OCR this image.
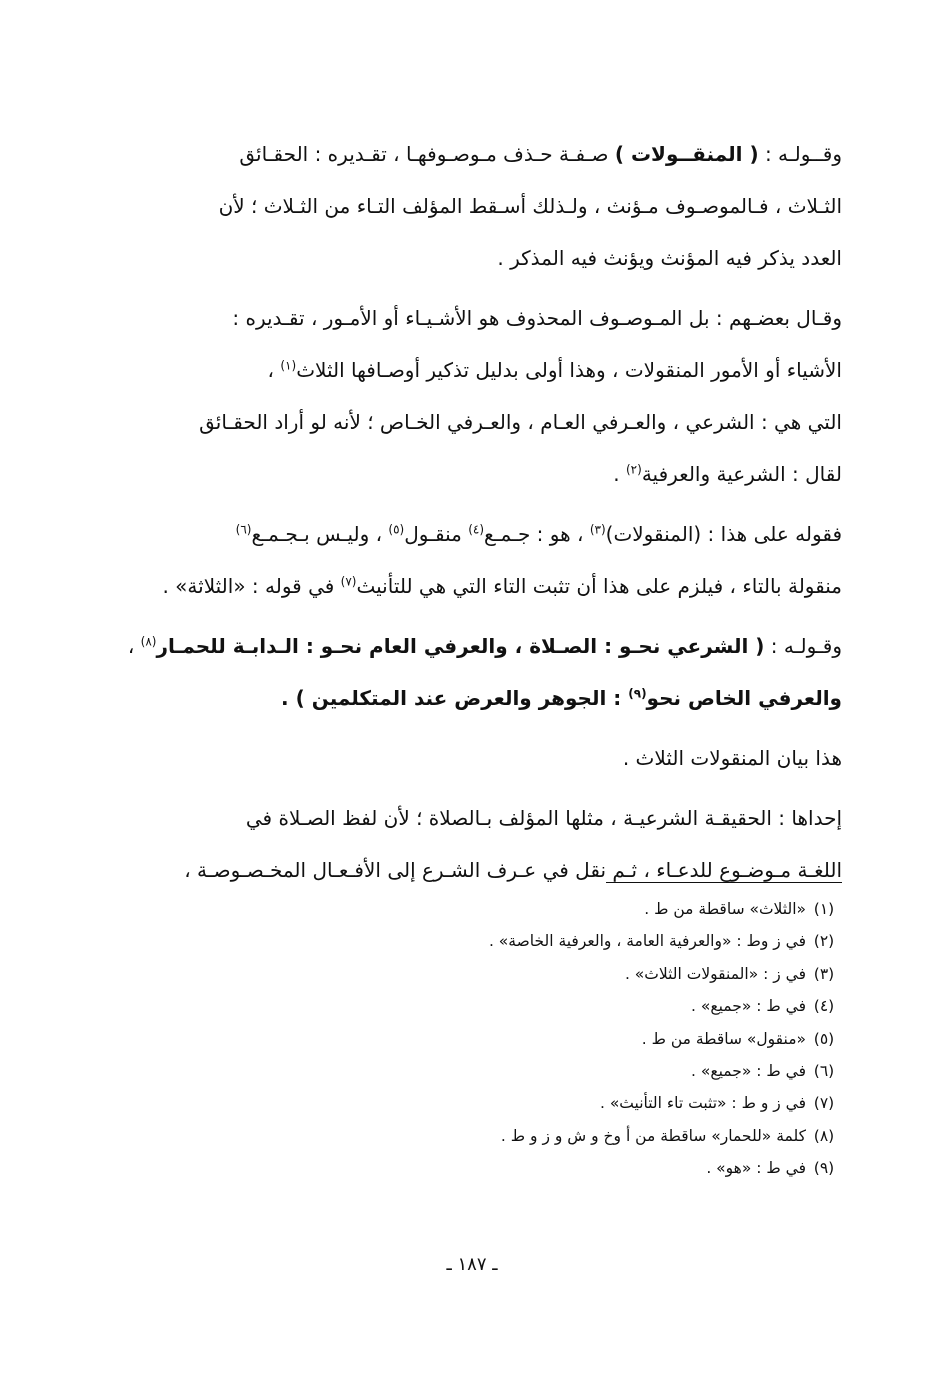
وقــولـه : ( المنقــولات ) صـفـة حـذف مـوصـوفهـا ، تقـديره : الحقـائق
الثـلاث ، فـالموصـوف مـؤنث ، ولـذلك أسـقط المؤلف التـاء من الثـلاث ؛ لأن
العدد يذكر فيه المؤنث ويؤنث فيه المذكر .
وقـال بعضـهم : بل المـوصـوف المحذوف هو الأشـيـاء أو الأمـور ، تقـديره :
الأشياء أو الأمور المنقولات ، وهذا أولى بدليل تذكير أوصـافها الثلاث$^{(١)}$ ،
التي هي : الشرعي ، والعـرفي العـام ، والعـرفي الخـاص ؛ لأنه لو أراد الحقـائق
لقال : الشرعية والعرفية$^{(٢)}$ .
فقوله على هذا : (المنقولات)$^{(٣)}$ ، هو : جـمـع$^{(٤)}$ منقـول$^{(٥)}$ ، وليـس بـجـمـع$^{(٦)}$
منقولة بالتاء ، فيلزم على هذا أن تثبت التاء التي هي للتأنيث$^{(٧)}$ في قوله : «الثلاثة» .
وقـولـه : ( الشرعي نحـو : الصـلاة ، والعرفي العام نحـو : الـدابـة للحمـار$^{(٨)}$ ،
والعرفي الخاص نحو$^{(٩)}$ : الجوهر والعرض عند المتكلمين ) .
هذا بيان المنقولات الثلاث .
إحداها : الحقيقـة الشرعيـة ، مثلها المؤلف بـالصلاة ؛ لأن لفظ الصـلاة في
اللغـة مـوضـوع للدعـاء ، ثـم نقل في عـرف الشـرع إلى الأفـعـال المخـصـوصـة ،
(١)
«الثلاث» ساقطة من ط .
(٢)
في ز وط : «والعرفية العامة ، والعرفية الخاصة» .
(٣)
في ز : «المنقولات الثلاث» .
(٤)
في ط : «جميع» .
(٥)
«منقول» ساقطة من ط .
(٦)
في ط : «جميع» .
(٧)
في ز و ط : «تثبت تاء التأنيث» .
(٨)
كلمة «للحمار» ساقطة من أ وخ و ش و ز و ط .
(٩)
في ط : «هو» .
ـ ١٨٧ ـ
